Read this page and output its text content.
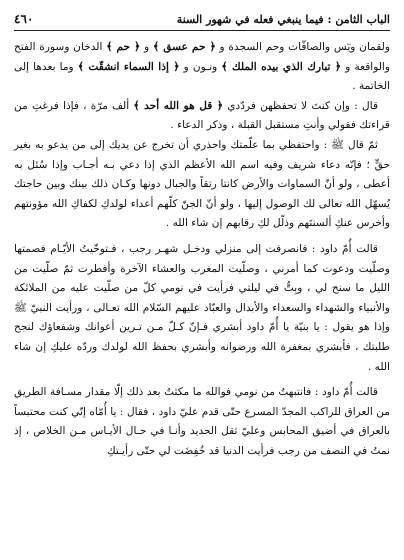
الباب الثامن : فيما ينبغي فعله في شهور السنة
٤٦٠

ولقمان ويٓس والصافّات وحم السجدة و ﴿ حم عسق ﴾ و ﴿ حم ﴾ الدخان وسورة الفتح والواقعة و ﴿ تبارك الذي بيده الملك ﴾ ونـون و ﴿ إذا السماء انشقّت ﴾ وما بعدها إلى الخاتمة .

قال : وإن كنتَ لا تحفظهن فردّدي ﴿ قل هو الله أحد ﴾ ألف مرّة ، فإذا فرغتِ من قراءتك فقولي وأنتِ مستقبل القبلة ، وذكر الدعاء .

ثمّ قال ﷺ : واحتفظي بما علّمتك واحذري أن تخرج عن يديك إلى من يدعو به بغير حقٍّ ؛ فإنّه دعاء شريف وفيه اسم الله الأعظم الذي إذا دعي بـه أجـاب وإذا سُئل به أعطى ، ولو أنّ السماوات والأرض كانتا رتقاً والجبال دونها وكـان ذلك بينك وبين حاجتك يُسهّل الله تعالى لك الوصول إليها ، ولو أنّ الجنّ كلّهم أعداء لولدكِ لكفاكِ الله مؤونتهم وأخرس عنكِ ألسنتَهم وذلّل لكِ رقابهم إن شاء الله .

قالت أُمّ داود : فانصرفت إلى منزلي ودخـل شهـر رجب ، فـتوخّيتُ الأيّـام فصمتها وصلّيت ودعوت كما أمرني ، وصلّيت المغرب والعشاء الآخرة وأفطرت ثمّ صلّيت من الليل ما سنح لي ، وبِتُّ في ليلتي فرأيت في نومي كلّ من صلّيت عليه من الملائكة والأنبياء والشهداء والسعداء والأبدال والعبّاد عليهم السّلام الله تعـالى ، ورأيت النبيّ ﷺ وإذا هو يقول : يا بنيّة يا أُمّ داود أبشري فـإنّ كـلّ مـن تـرين أعوانك وشفعاؤك لنجح طلبتك ، فأبشري بمغفرة الله ورضوانه وأبشري بحفظ الله لولدك وردّه عليكِ إن شاء الله .

قالت أُمّ داود : فانتبهتُ من نومي فوالله ما مكثتُ بعد ذلك إلّا مقدار مسـافة الطريق من العراق للراكب المجدّ المسرع حتّى قدم عليّ داود ، فقال : يا أُمّاه إنّي كنت محتبساً بالعراق في أضيق المحابس وعليّ ثقل الحديد وأنـا في حـال الأيـاس مـن الخلاص ، إذ نمتُ في النصف من رجب فرأيت الدنيا قد خُفِضَت لي حتّى رأيـتكِ
